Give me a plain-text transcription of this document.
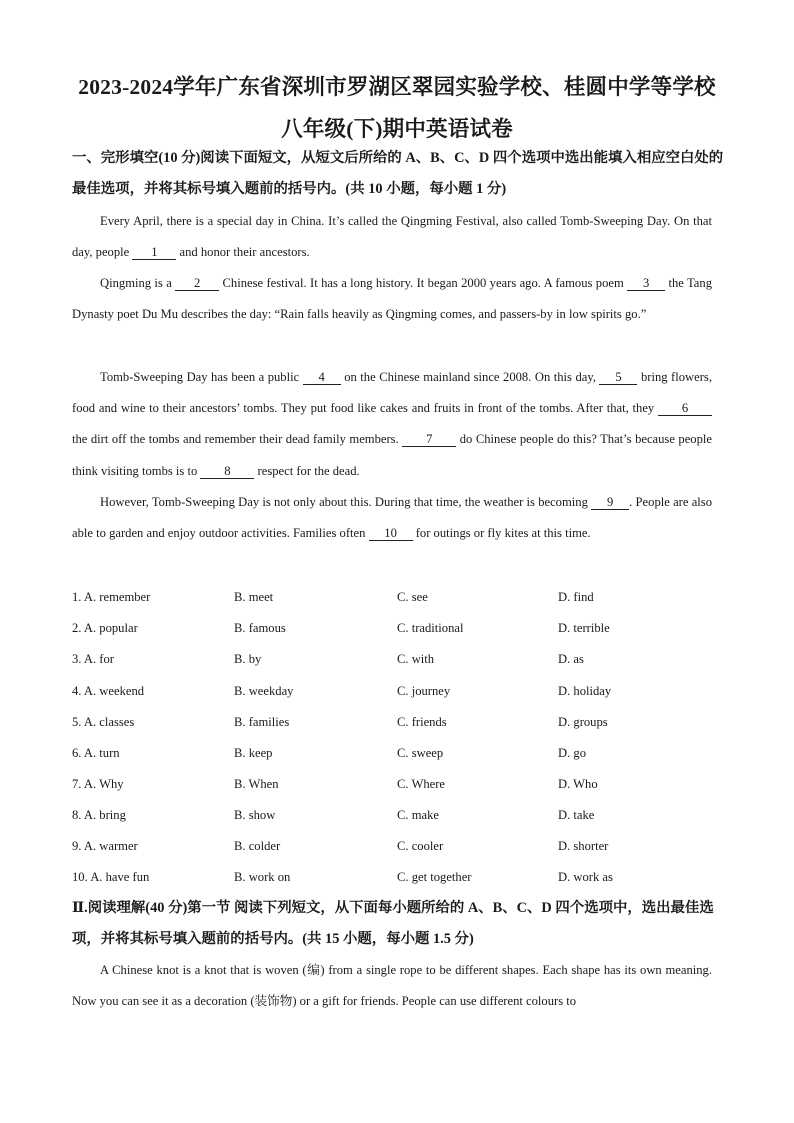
2023-2024学年广东省深圳市罗湖区翠园实验学校、桂圆中学等学校
八年级(下)期中英语试卷
一、完形填空(10 分)阅读下面短文，从短文后所给的 A、B、C、D 四个选项中选出能填入相应空白处的最佳选项，并将其标号填入题前的括号内。(共 10 小题，每小题 1 分)
Every April, there is a special day in China. It’s called the Qingming Festival, also called Tomb-Sweeping Day. On that day, people 1 and honor their ancestors.
Qingming is a 2 Chinese festival. It has a long history. It began 2000 years ago. A famous poem 3 the Tang Dynasty poet Du Mu describes the day: “Rain falls heavily as Qingming comes, and passers-by in low spirits go.”
Tomb-Sweeping Day has been a public 4 on the Chinese mainland since 2008. On this day, 5 bring flowers, food and wine to their ancestors’ tombs. They put food like cakes and fruits in front of the tombs. After that, they 6 the dirt off the tombs and remember their dead family members. 7 do Chinese people do this? That’s because people think visiting tombs is to 8 respect for the dead.
However, Tomb-Sweeping Day is not only about this. During that time, the weather is becoming 9 . People are also able to garden and enjoy outdoor activities. Families often 10 for outings or fly kites at this time.
1. A. remember	B. meet	C. see	D. find
2. A. popular	B. famous	C. traditional	D. terrible
3. A. for	B. by	C. with	D. as
4. A. weekend	B. weekday	C. journey	D. holiday
5. A. classes	B. families	C. friends	D. groups
6. A. turn	B. keep	C. sweep	D. go
7. A. Why	B. When	C. Where	D. Who
8. A. bring	B. show	C. make	D. take
9. A. warmer	B. colder	C. cooler	D. shorter
10. A. have fun	B. work on	C. get together	D. work as
Ⅱ.阅读理解(40 分)第一节 阅读下列短文，从下面每小题所给的 A、B、C、D 四个选项中，选出最佳选项，并将其标号填入题前的括号内。(共 15 小题，每小题 1.5 分)
A Chinese knot is a knot that is woven (编) from a single rope to be different shapes. Each shape has its own meaning. Now you can see it as a decoration (装饰物) or a gift for friends. People can use different colours to
